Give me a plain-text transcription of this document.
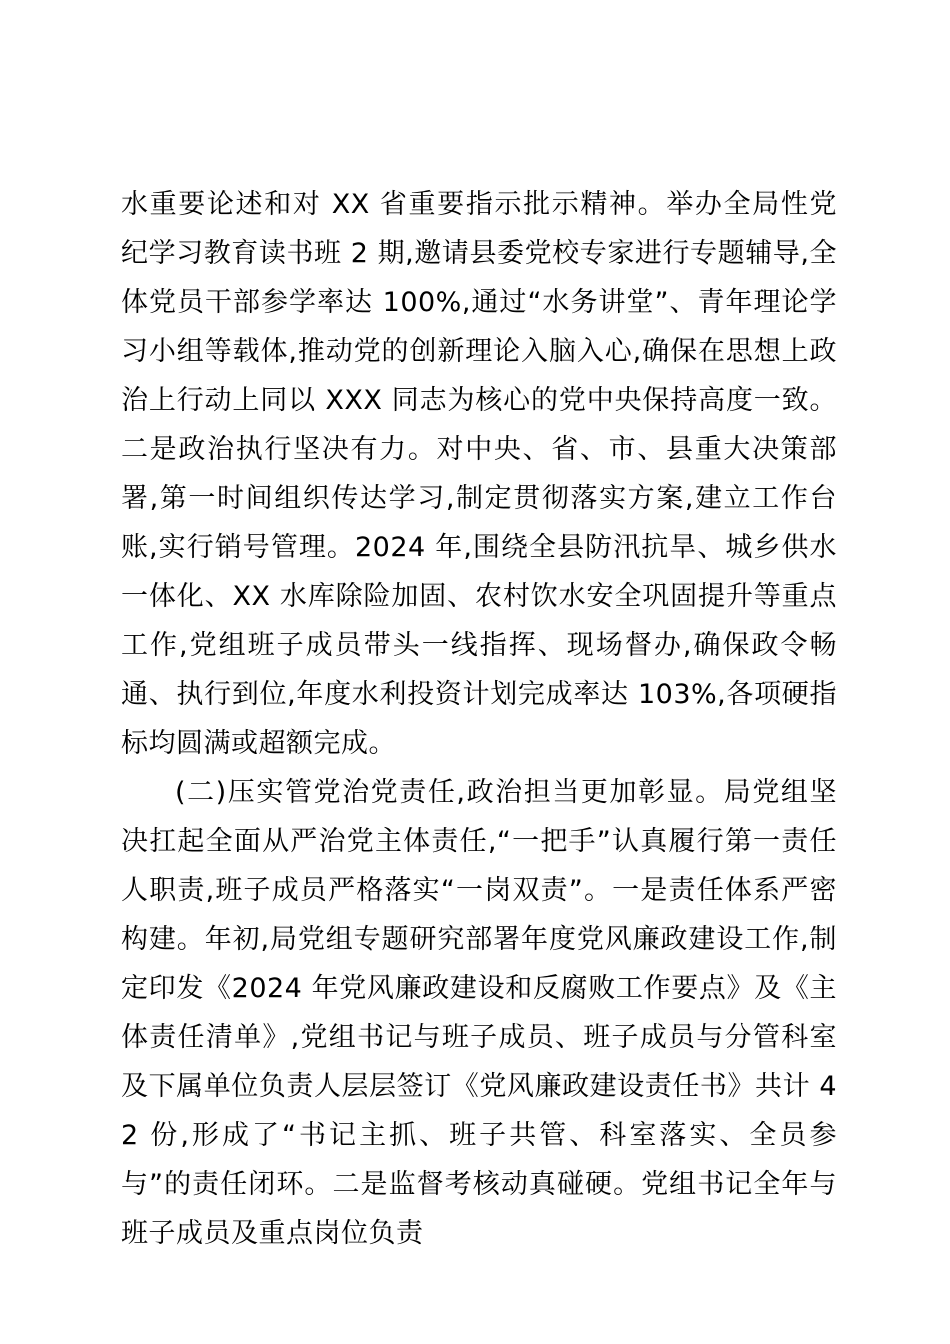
水重要论述和对 XX 省重要指示批示精神。举办全局性党纪学习教育读书班 2 期,邀请县委党校专家进行专题辅导,全体党员干部参学率达 100%,通过“水务讲堂”、青年理论学习小组等载体,推动党的创新理论入脑入心,确保在思想上政治上行动上同以 XXX 同志为核心的党中央保持高度一致。二是政治执行坚决有力。对中央、省、市、县重大决策部署,第一时间组织传达学习,制定贯彻落实方案,建立工作台账,实行销号管理。2024 年,围绕全县防汛抗旱、城乡供水一体化、XX 水库除险加固、农村饮水安全巩固提升等重点工作,党组班子成员带头一线指挥、现场督办,确保政令畅通、执行到位,年度水利投资计划完成率达 103%,各项硬指标均圆满或超额完成。

(二)压实管党治党责任,政治担当更加彰显。局党组坚决扛起全面从严治党主体责任,“一把手”认真履行第一责任人职责,班子成员严格落实“一岗双责”。一是责任体系严密构建。年初,局党组专题研究部署年度党风廉政建设工作,制定印发《2024 年党风廉政建设和反腐败工作要点》及《主体责任清单》,党组书记与班子成员、班子成员与分管科室及下属单位负责人层层签订《党风廉政建设责任书》共计 42 份,形成了“书记主抓、班子共管、科室落实、全员参与”的责任闭环。二是监督考核动真碰硬。党组书记全年与班子成员及重点岗位负责
